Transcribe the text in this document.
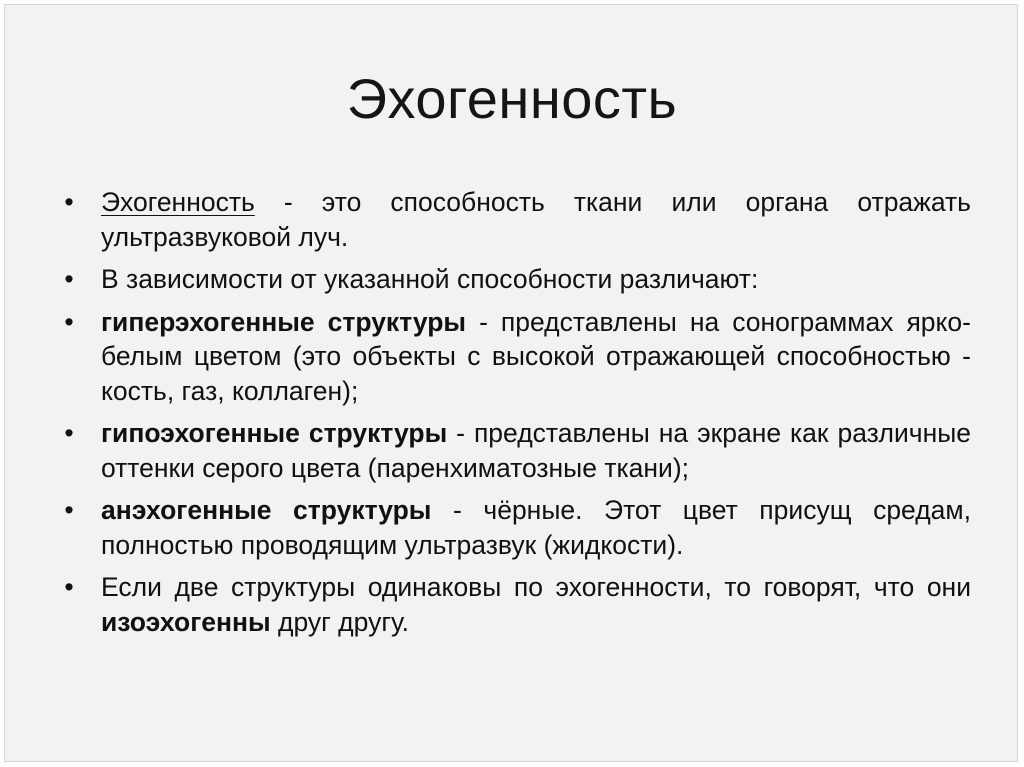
Эхогенность
• Эхогенность - это способность ткани или органа отражать ультразвуковой луч.
• В зависимости от указанной способности различают:
• гиперэхогенные структуры - представлены на сонограммах ярко-белым цветом (это объекты с высокой отражающей способностью - кость, газ, коллаген);
• гипоэхогенные структуры - представлены на экране как различные оттенки серого цвета (паренхиматозные ткани);
• анэхогенные структуры - чёрные. Этот цвет присущ средам, полностью проводящим ультразвук (жидкости).
• Если две структуры одинаковы по эхогенности, то говорят, что они изоэхогенны друг другу.
